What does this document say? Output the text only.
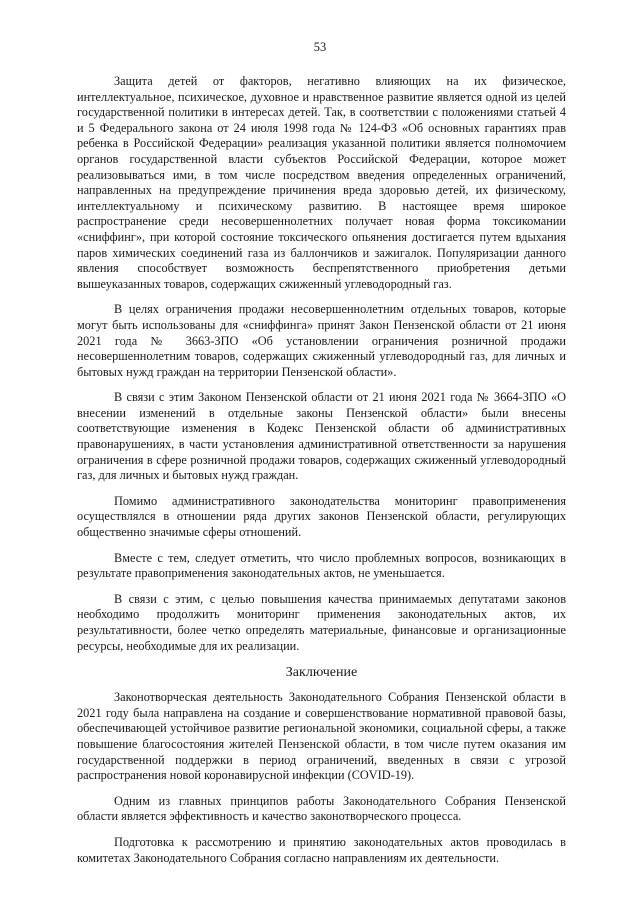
53

Защита детей от факторов, негативно влияющих на их физическое, интеллектуальное, психическое, духовное и нравственное развитие является одной из целей государственной политики в интересах детей. Так, в соответствии с положениями статьей 4 и 5 Федерального закона от 24 июля 1998 года № 124-ФЗ «Об основных гарантиях прав ребенка в Российской Федерации» реализация указанной политики является полномочием органов государственной власти субъектов Российской Федерации, которое может реализовываться ими, в том числе посредством введения определенных ограничений, направленных на предупреждение причинения вреда здоровью детей, их физическому, интеллектуальному и психическому развитию. В настоящее время широкое распространение среди несовершеннолетних получает новая форма токсикомании «сниффинг», при которой состояние токсического опьянения достигается путем вдыхания паров химических соединений газа из баллончиков и зажигалок. Популяризации данного явления способствует возможность беспрепятственного приобретения детьми вышеуказанных товаров, содержащих сжиженный углеводородный газ.

В целях ограничения продажи несовершеннолетним отдельных товаров, которые могут быть использованы для «сниффинга» принят Закон Пензенской области от 21 июня 2021 года № 3663-ЗПО «Об установлении ограничения розничной продажи несовершеннолетним товаров, содержащих сжиженный углеводородный газ, для личных и бытовых нужд граждан на территории Пензенской области».

В связи с этим Законом Пензенской области от 21 июня 2021 года № 3664-ЗПО «О внесении изменений в отдельные законы Пензенской области» были внесены соответствующие изменения в Кодекс Пензенской области об административных правонарушениях, в части установления административной ответственности за нарушения ограничения в сфере розничной продажи товаров, содержащих сжиженный углеводородный газ, для личных и бытовых нужд граждан.

Помимо административного законодательства мониторинг правоприменения осуществлялся в отношении ряда других законов Пензенской области, регулирующих общественно значимые сферы отношений.

Вместе с тем, следует отметить, что число проблемных вопросов, возникающих в результате правоприменения законодательных актов, не уменьшается.

В связи с этим, с целью повышения качества принимаемых депутатами законов необходимо продолжить мониторинг применения законодательных актов, их результативности, более четко определять материальные, финансовые и организационные ресурсы, необходимые для их реализации.

Заключение

Законотворческая деятельность Законодательного Собрания Пензенской области в 2021 году была направлена на создание и совершенствование нормативной правовой базы, обеспечивающей устойчивое развитие региональной экономики, социальной сферы, а также повышение благосостояния жителей Пензенской области, в том числе путем оказания им государственной поддержки в период ограничений, введенных в связи с угрозой распространения новой коронавирусной инфекции (COVID-19).

Одним из главных принципов работы Законодательного Собрания Пензенской области является эффективность и качество законотворческого процесса.

Подготовка к рассмотрению и принятию законодательных актов проводилась в комитетах Законодательного Собрания согласно направлениям их деятельности.
